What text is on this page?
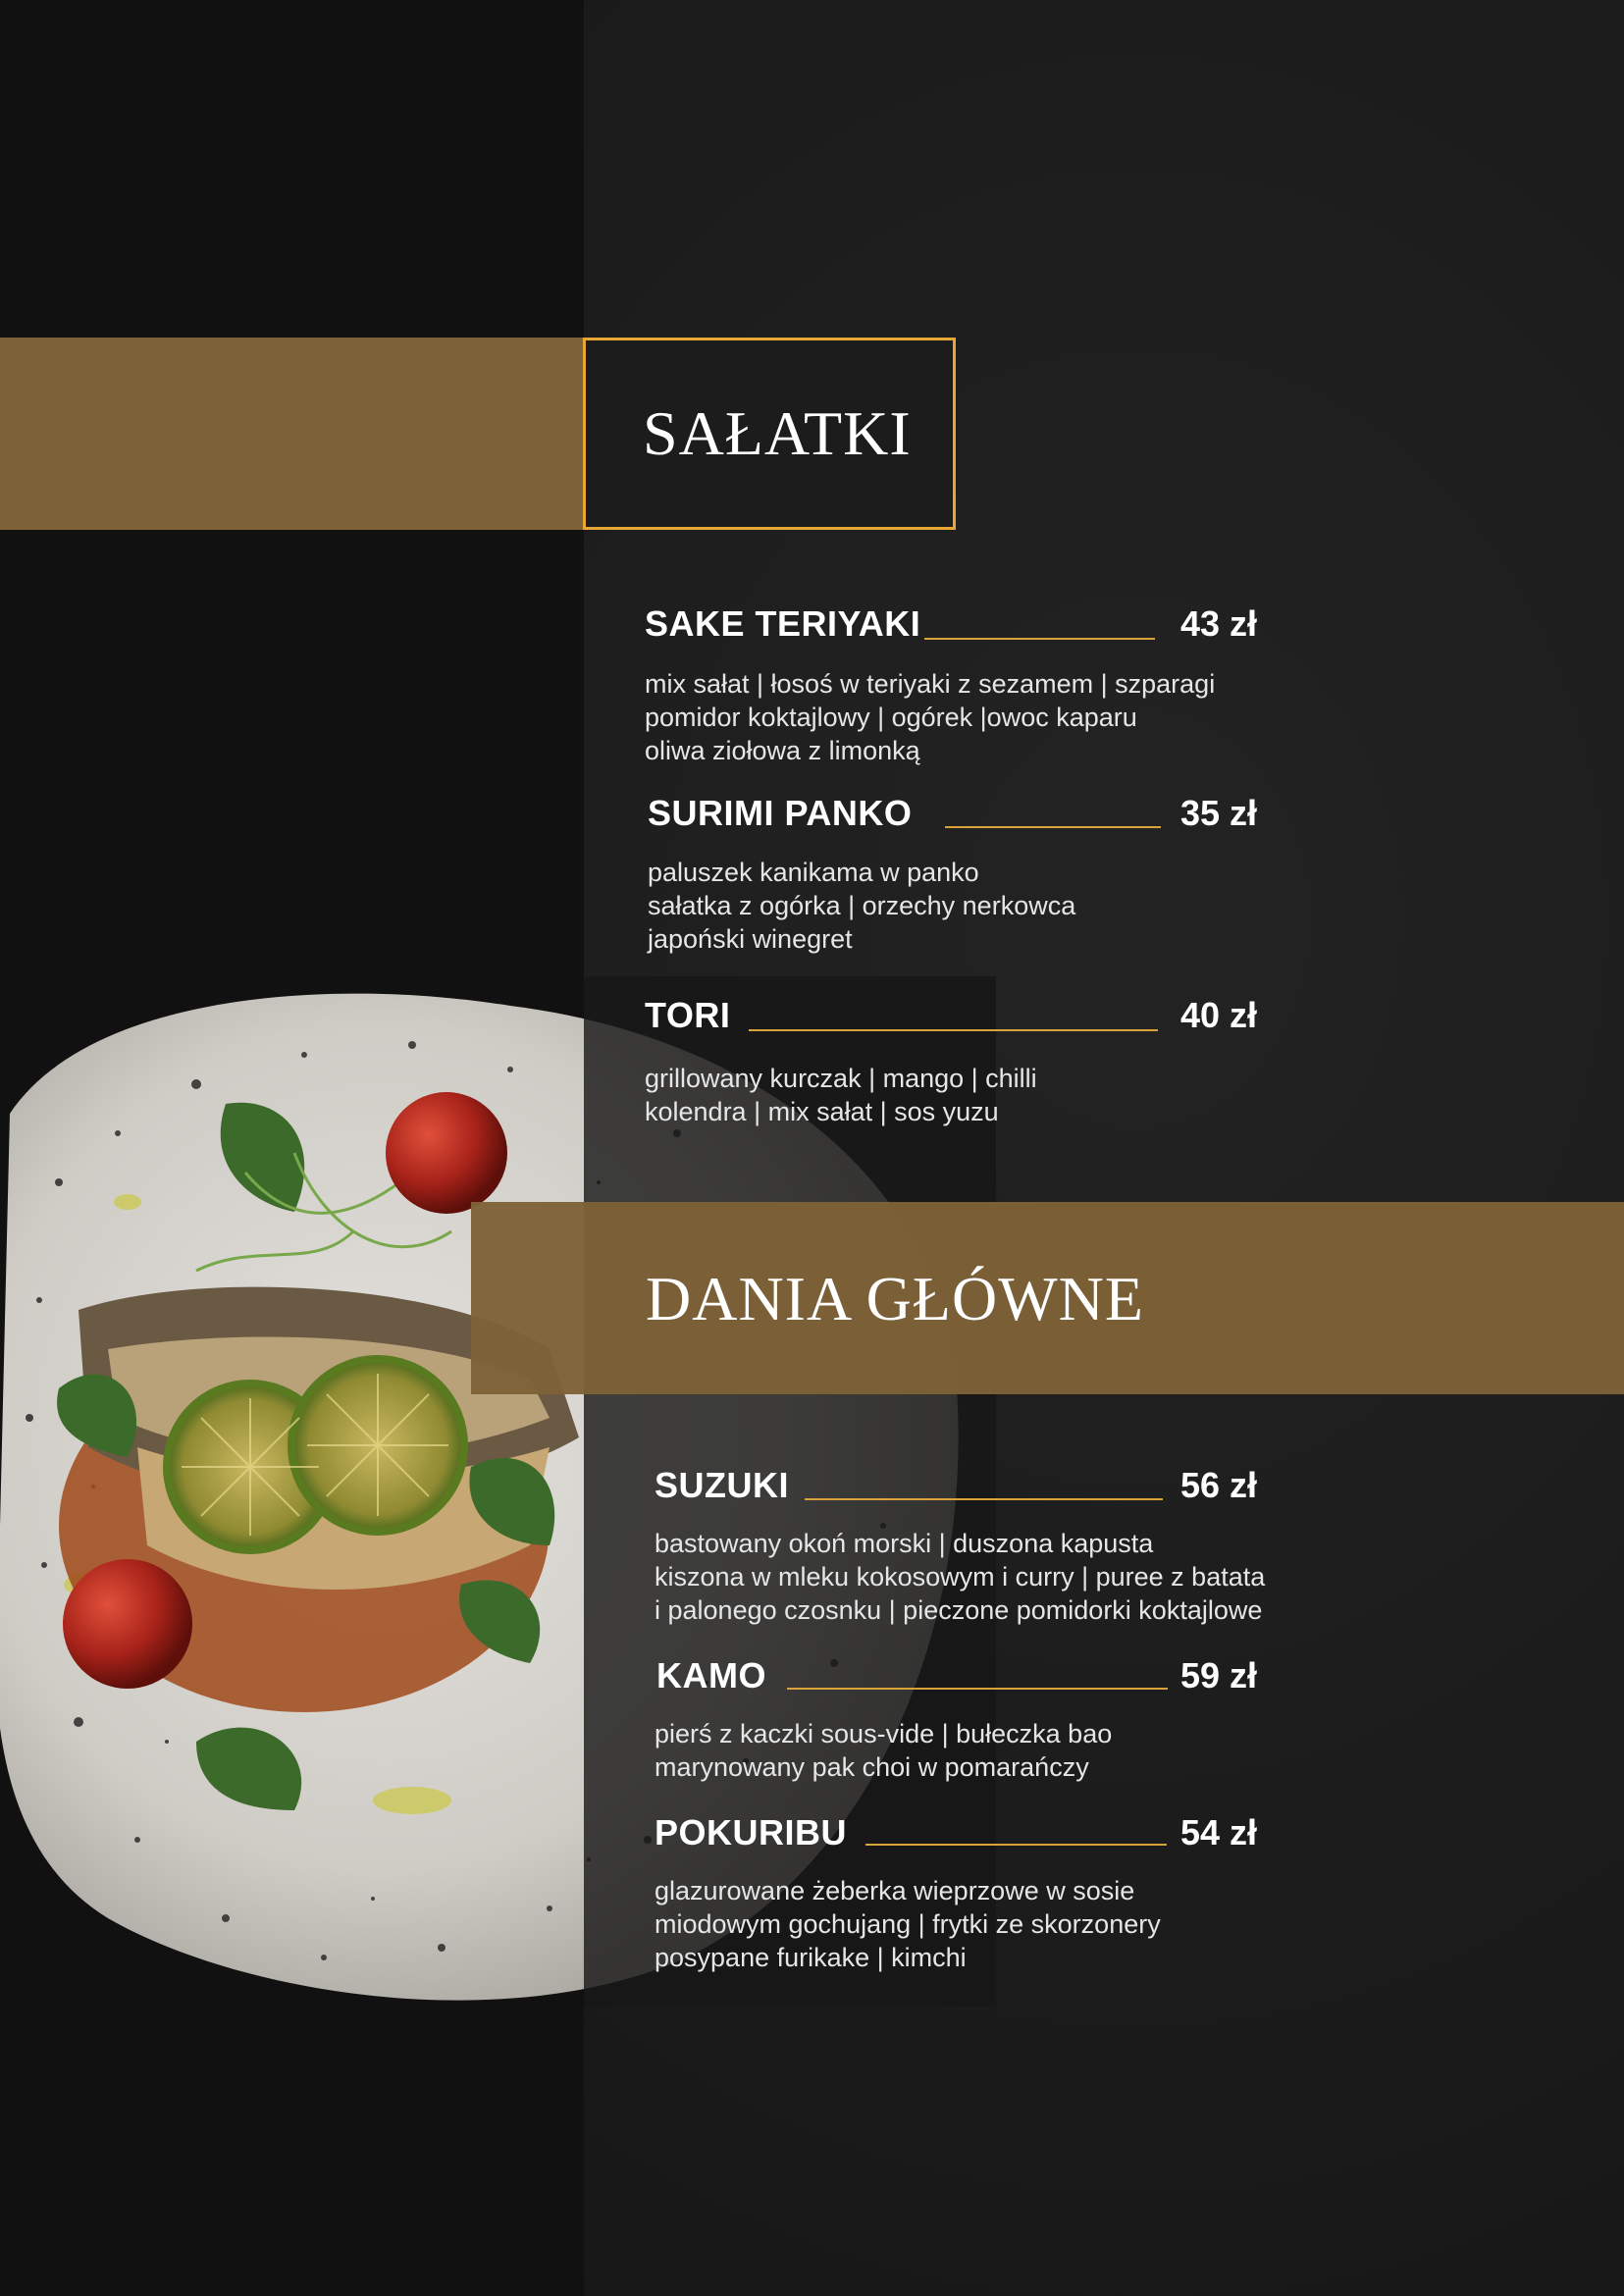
SAŁATKI
SAKE TERIYAKI	43 zł
mix sałat | łosoś w teriyaki z sezamem | szparagi
pomidor koktajlowy | ogórek |owoc kaparu
oliwa ziołowa z limonką
SURIMI PANKO	35 zł
paluszek kanikama w panko
sałatka z ogórka | orzechy nerkowca
japoński winegret
TORI	40 zł
grillowany kurczak | mango | chilli
kolendra | mix sałat | sos yuzu
DANIA GŁÓWNE
SUZUKI	56 zł
bastowany okoń morski | duszona kapusta
kiszona w mleku kokosowym i curry | puree z batata
i palonego czosnku | pieczone pomidorki koktajlowe
KAMO	59 zł
pierś z kaczki sous-vide | bułeczka bao
marynowany pak choi w pomarańczy
POKURIBU	54 zł
glazurowane żeberka wieprzowe w sosie
miodowym gochujang | frytki ze skorzonery
posypane furikake | kimchi
